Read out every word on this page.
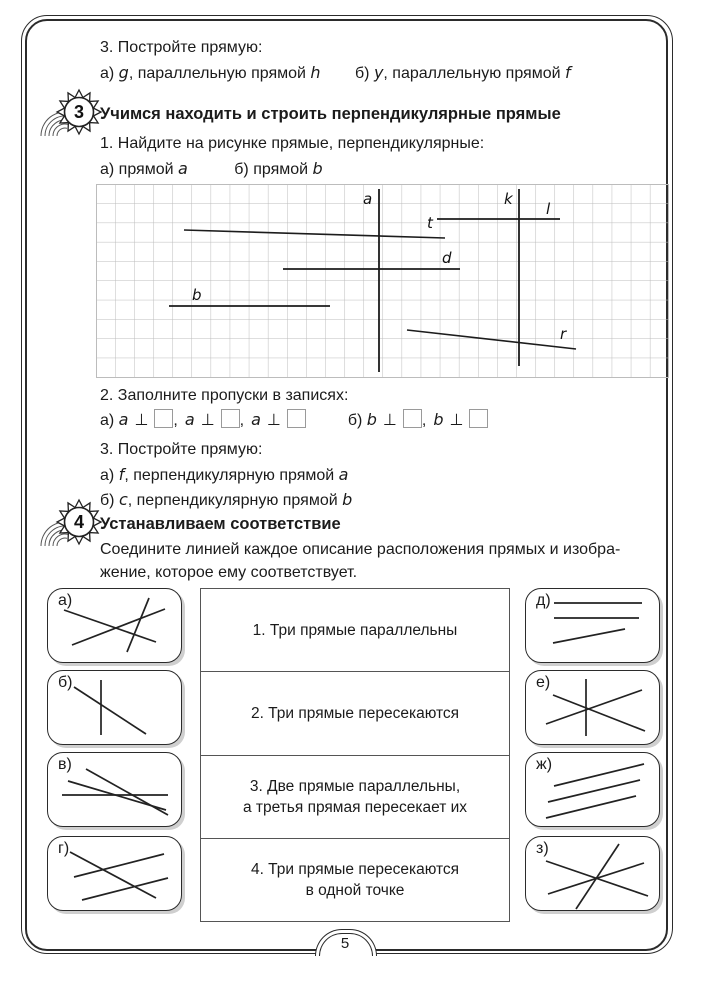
3. Постройте прямую:
а) g, параллельную прямой h б) y, параллельную прямой f
3 Учимся находить и строить перпендикулярные прямые
1. Найдите на рисунке прямые, перпендикулярные:
а) прямой a	б) прямой b
a	k
l
t
d
b
r
2. Заполните пропуски в записях:
а) a ⊥ , a ⊥ , a ⊥	б) b ⊥ , b ⊥
3. Постройте прямую:
а) f, перпендикулярную прямой a
б) c, перпендикулярную прямой b
4 Устанавливаем соответствие
Соедините линией каждое описание расположения прямых и изобра-
жение, которое ему соответствует.
а)
б)
в)
г)
1. Три прямые параллельны
2. Три прямые пересекаются
3. Две прямые параллельны,
а третья прямая пересекает их
4. Три прямые пересекаются
в одной точке
д)
е)
ж)
з)
5
